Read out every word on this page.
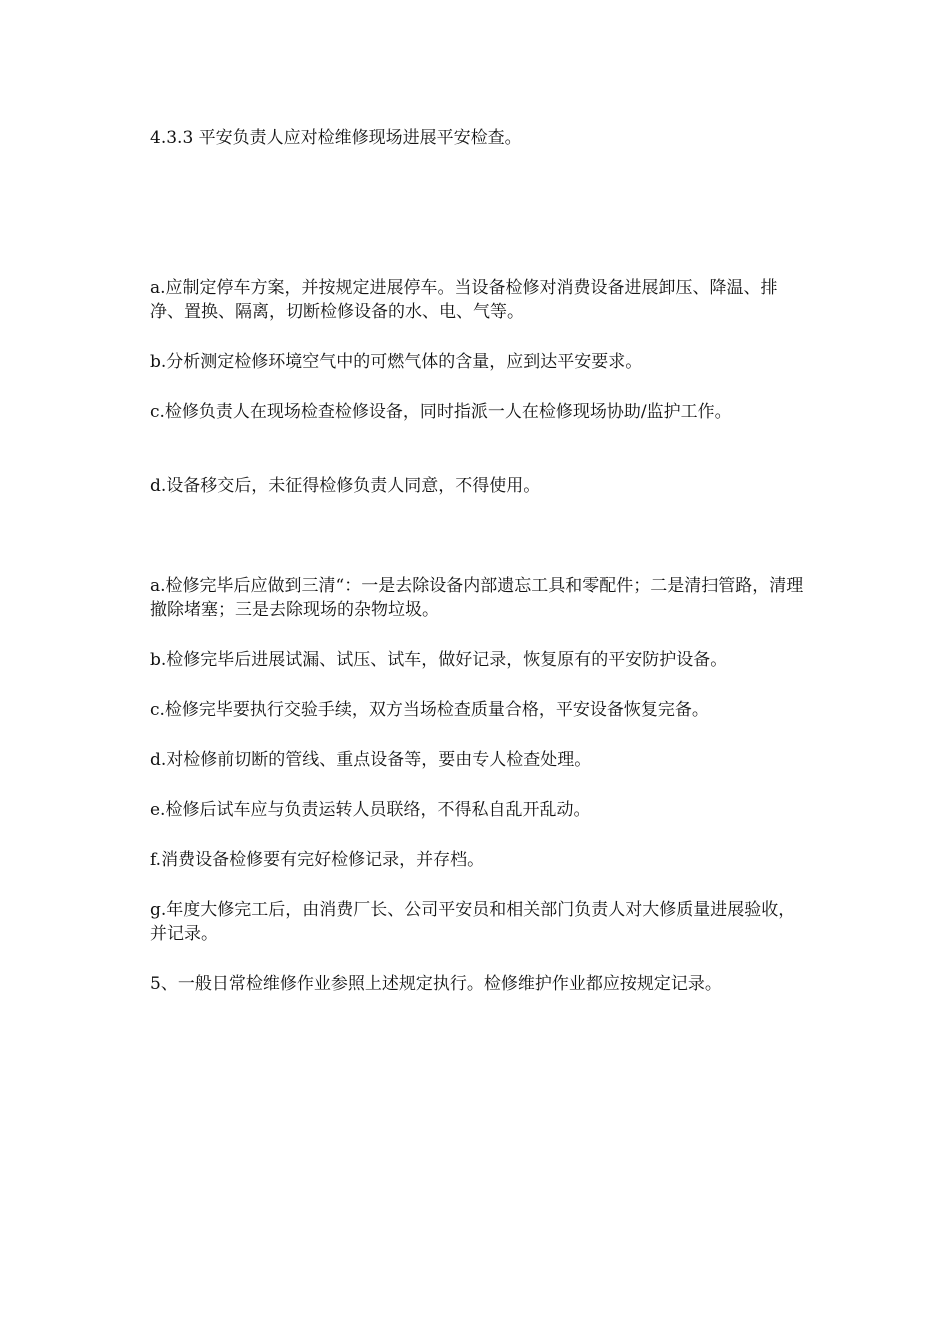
4.3.3 平安负责人应对检维修现场进展平安检查。

a.应制定停车方案，并按规定进展停车。当设备检修对消费设备进展卸压、降温、排净、置换、隔离，切断检修设备的水、电、气等。

b.分析测定检修环境空气中的可燃气体的含量，应到达平安要求。

c.检修负责人在现场检查检修设备，同时指派一人在检修现场协助/监护工作。

d.设备移交后，未征得检修负责人同意，不得使用。

a.检修完毕后应做到三清“：一是去除设备内部遗忘工具和零配件；二是清扫管路，清理撤除堵塞；三是去除现场的杂物垃圾。

b.检修完毕后进展试漏、试压、试车，做好记录，恢复原有的平安防护设备。

c.检修完毕要执行交验手续，双方当场检查质量合格，平安设备恢复完备。

d.对检修前切断的管线、重点设备等，要由专人检查处理。

e.检修后试车应与负责运转人员联络，不得私自乱开乱动。

f.消费设备检修要有完好检修记录，并存档。

g.年度大修完工后，由消费厂长、公司平安员和相关部门负责人对大修质量进展验收，并记录。

5、一般日常检维修作业参照上述规定执行。检修维护作业都应按规定记录。
